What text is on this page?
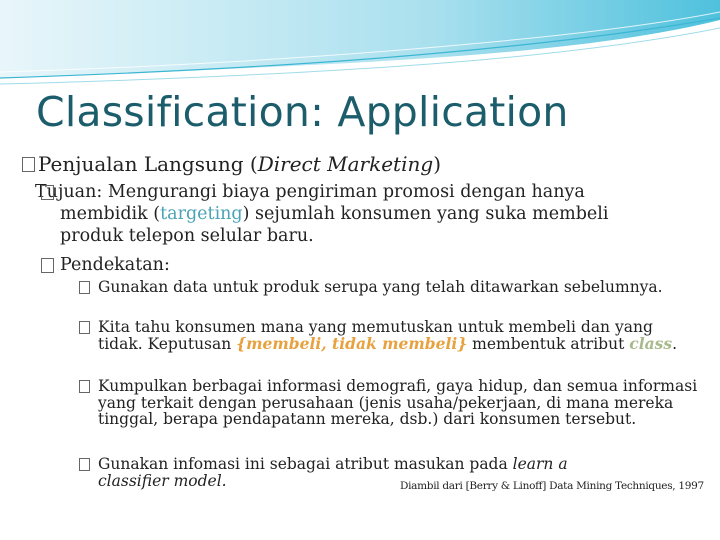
Classification: Application
Penjualan Langsung (Direct Marketing)
Tujuan: Mengurangi biaya pengiriman promosi dengan hanya membidik (targeting) sejumlah konsumen yang suka membeli produk telepon selular baru.
Pendekatan:
Gunakan data untuk produk serupa yang telah ditawarkan sebelumnya.
Kita tahu konsumen mana yang memutuskan untuk membeli dan yang tidak. Keputusan {membeli, tidak membeli} membentuk atribut class.
Kumpulkan berbagai informasi demografi, gaya hidup, dan semua informasi yang terkait dengan perusahaan (jenis usaha/pekerjaan, di mana mereka tinggal, berapa pendapatann mereka, dsb.) dari konsumen tersebut.
Gunakan infomasi ini sebagai atribut masukan pada learn a
classifier model.	Diambil dari [Berry & Linoff] Data Mining Techniques, 1997
